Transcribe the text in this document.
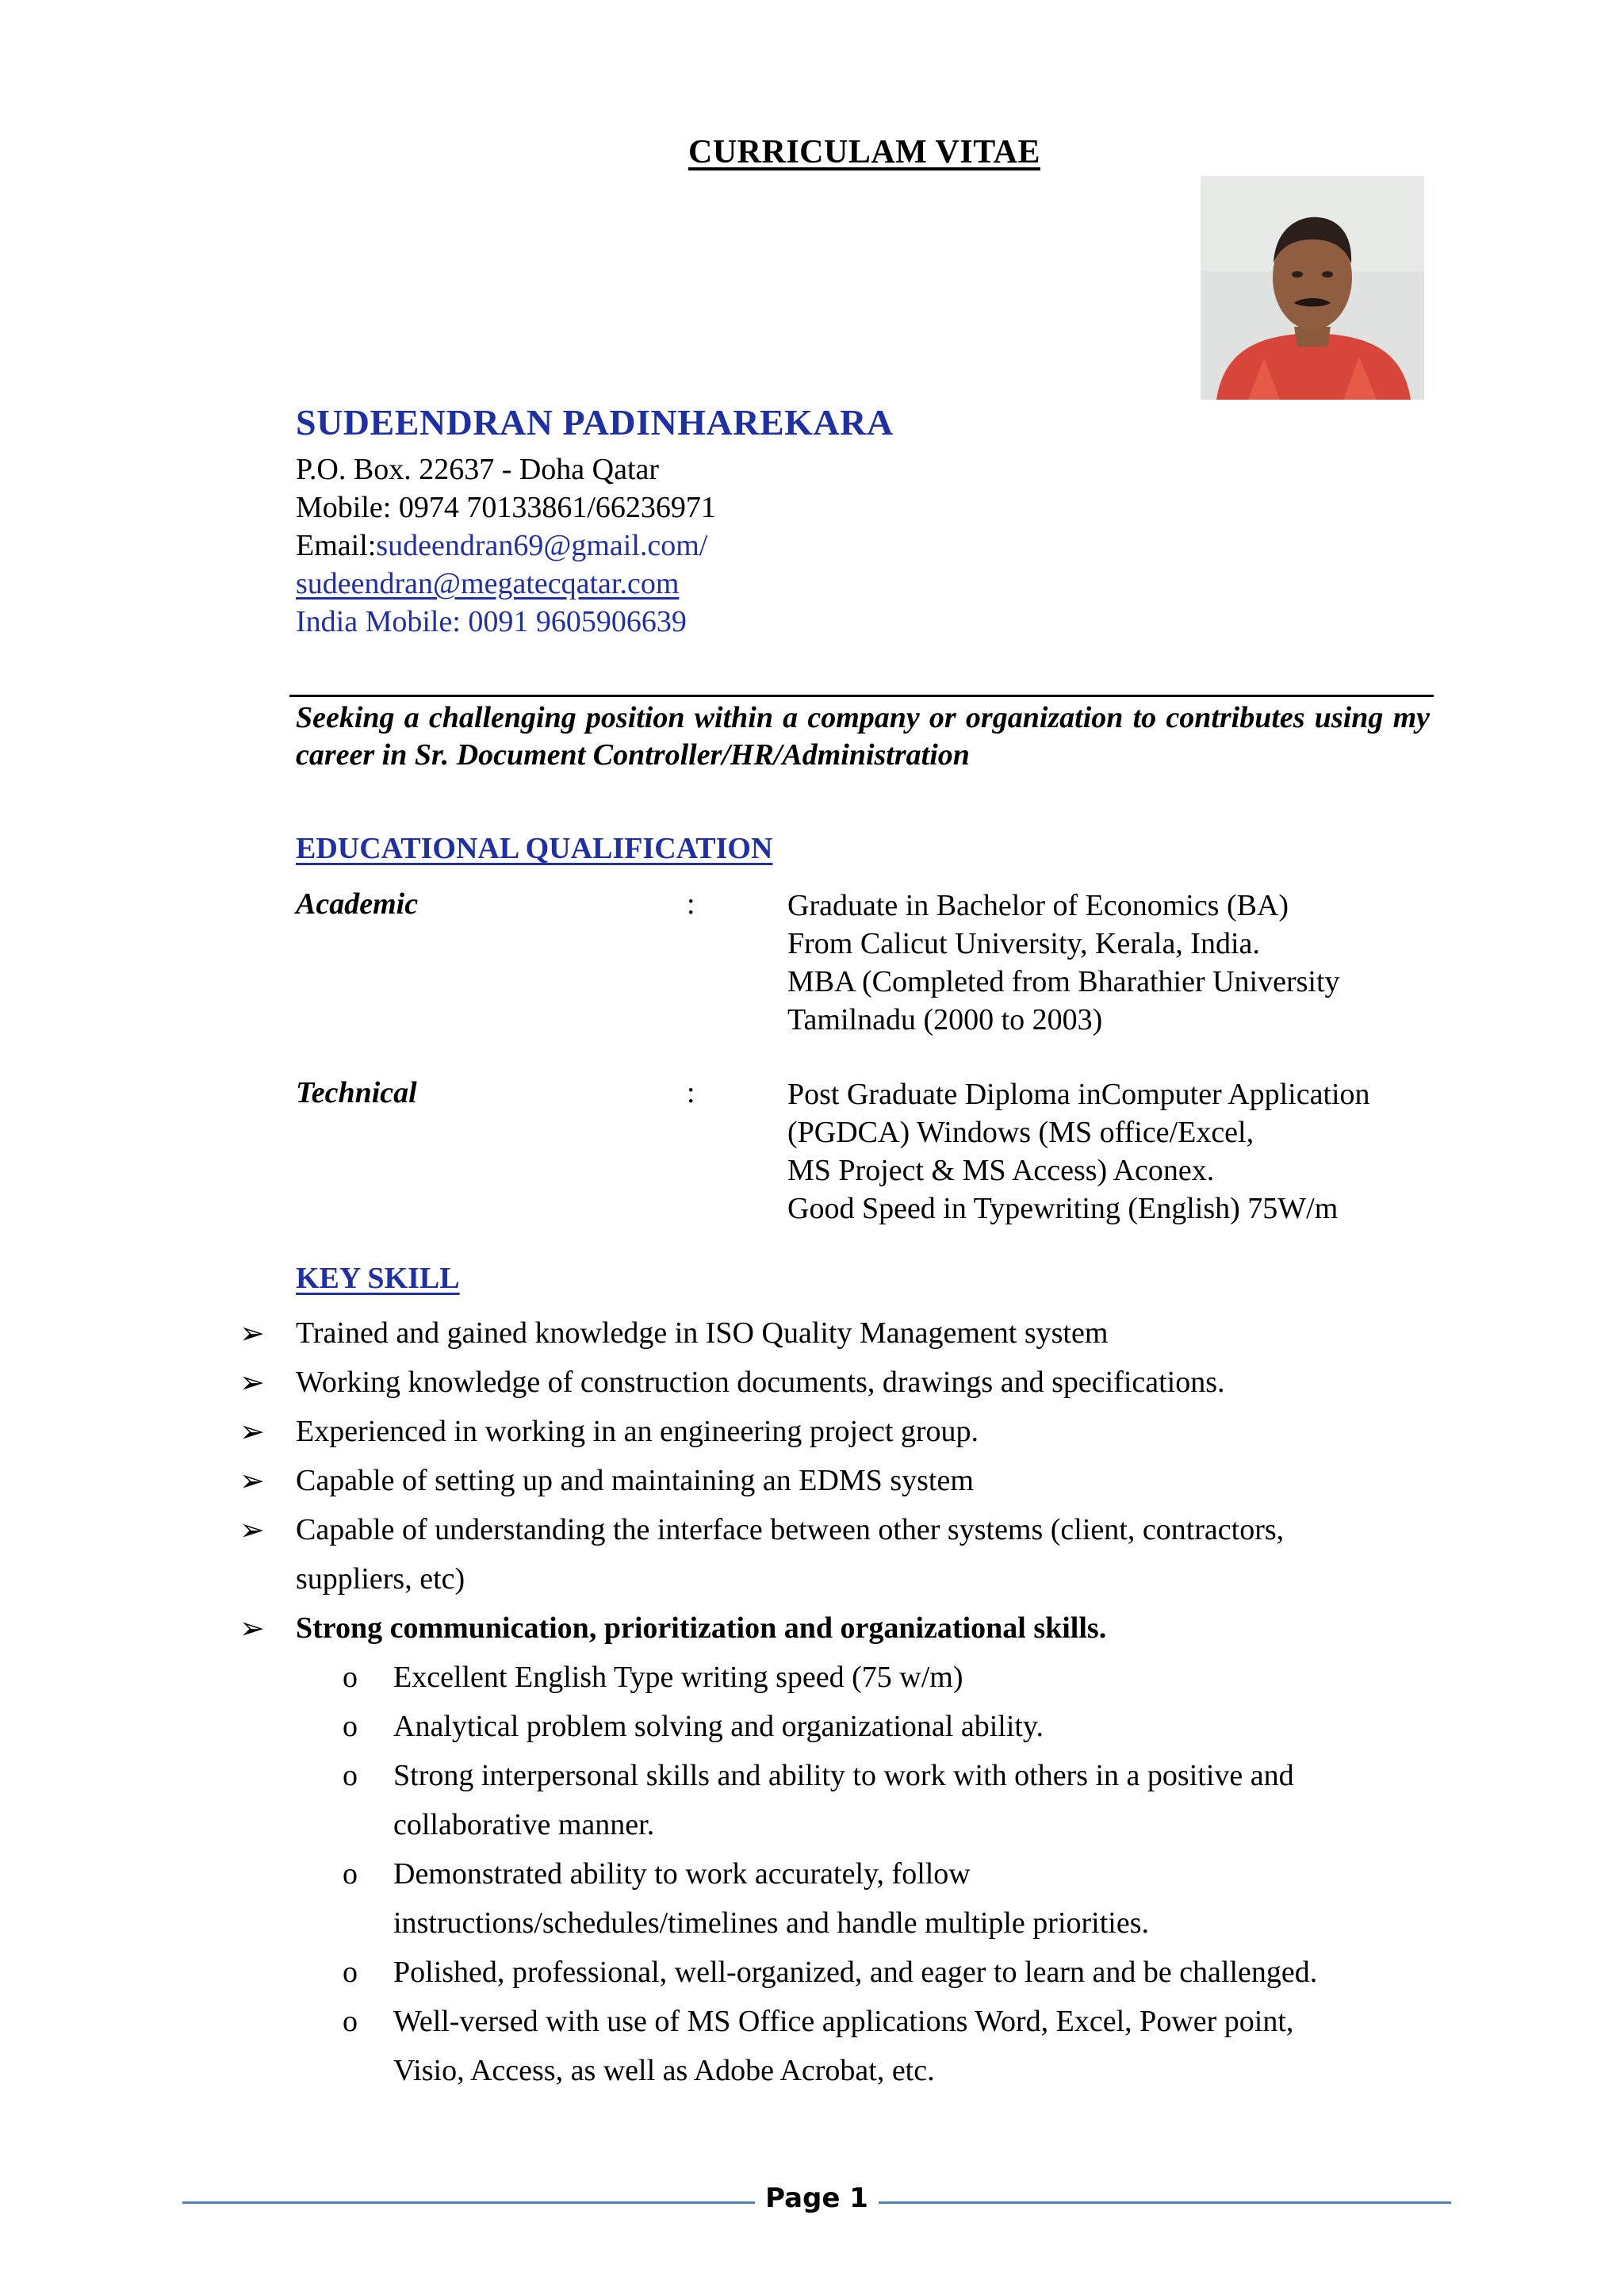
CURRICULAM VITAE
SUDEENDRAN PADINHAREKARA
P.O. Box. 22637 - Doha Qatar
Mobile: 0974 70133861/66236971
Email:sudeendran69@gmail.com/
sudeendran@megatecqatar.com
India Mobile: 0091 9605906639
Seeking a challenging position within a company or organization to contributes using my career in Sr. Document Controller/HR/Administration
EDUCATIONAL QUALIFICATION
Academic	:	Graduate in Bachelor of Economics (BA)
From Calicut University, Kerala, India.
MBA (Completed from Bharathier University
Tamilnadu (2000 to 2003)
Technical	:	Post Graduate Diploma inComputer Application
(PGDCA) Windows (MS office/Excel,
MS Project & MS Access) Aconex.
Good Speed in Typewriting (English) 75W/m
KEY SKILL
➢ Trained and gained knowledge in ISO Quality Management system
➢ Working knowledge of construction documents, drawings and specifications.
➢ Experienced in working in an engineering project group.
➢ Capable of setting up and maintaining an EDMS system
➢ Capable of understanding the interface between other systems (client, contractors,
suppliers, etc)
➢ Strong communication, prioritization and organizational skills.
o Excellent English Type writing speed (75 w/m)
o Analytical problem solving and organizational ability.
o Strong interpersonal skills and ability to work with others in a positive and
collaborative manner.
o Demonstrated ability to work accurately, follow
instructions/schedules/timelines and handle multiple priorities.
o Polished, professional, well-organized, and eager to learn and be challenged.
o Well-versed with use of MS Office applications Word, Excel, Power point,
Visio, Access, as well as Adobe Acrobat, etc.
Page 1
